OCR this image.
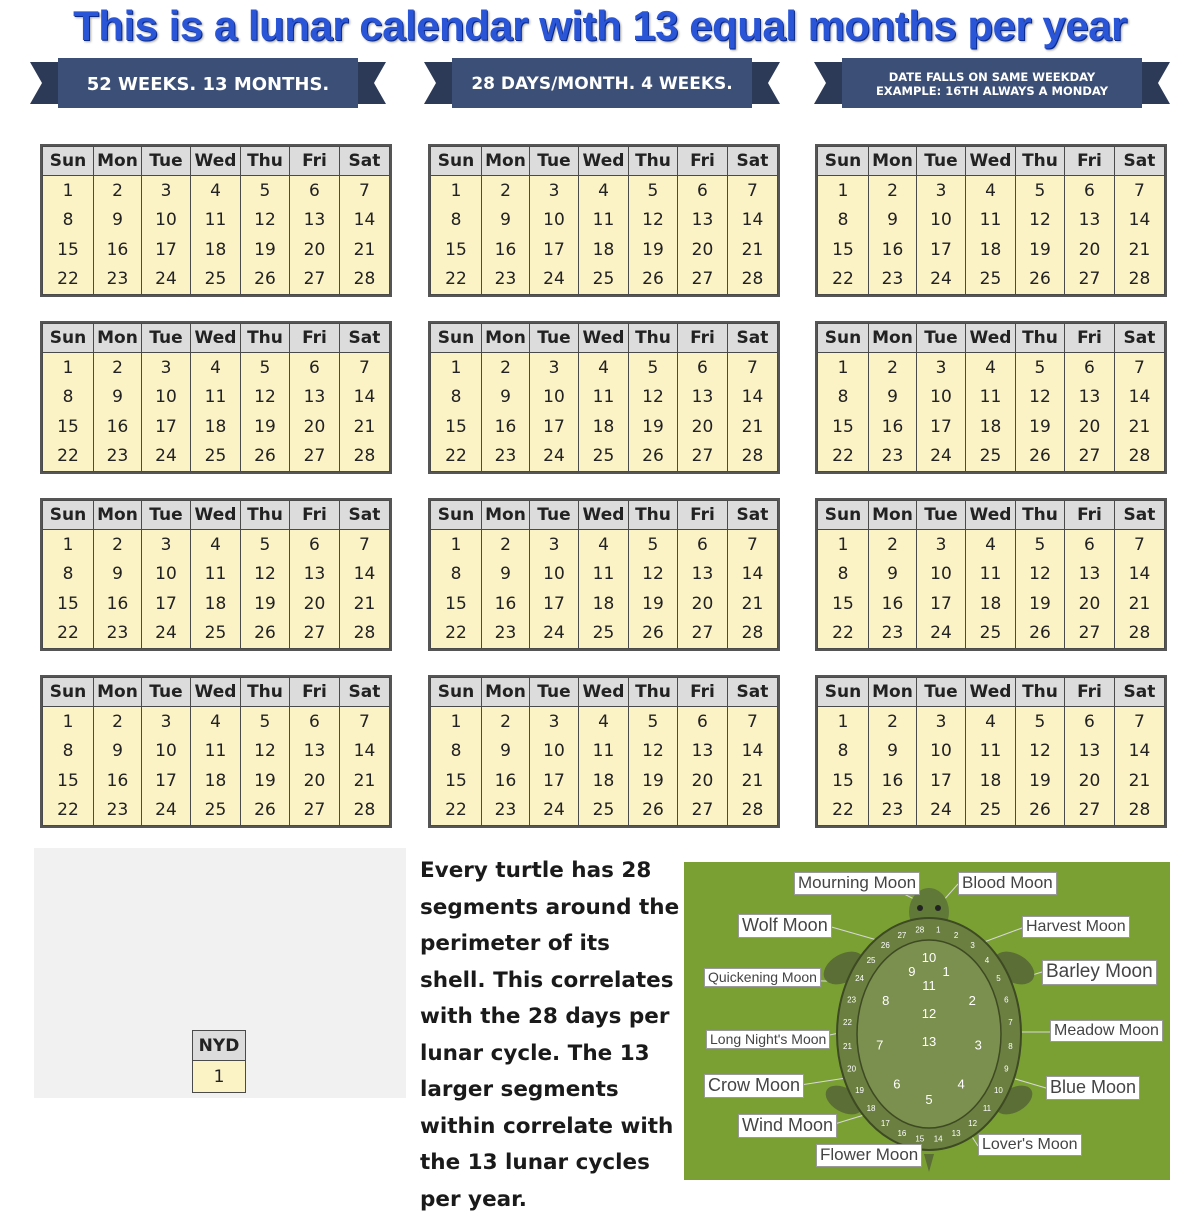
This is a lunar calendar with 13 equal months per year
52 WEEKS. 13 MONTHS.	28 DAYS/MONTH. 4 WEEKS.	DATE FALLS ON SAME WEEKDAY
EXAMPLE: 16TH ALWAYS A MONDAY
Sun	Mon	Tue	Wed	Thu	Fri	Sat
1	2	3	4	5	6	7
8	9	10	11	12	13	14
15	16	17	18	19	20	21
22	23	24	25	26	27	28
Sun	Mon	Tue	Wed	Thu	Fri	Sat
1	2	3	4	5	6	7
8	9	10	11	12	13	14
15	16	17	18	19	20	21
22	23	24	25	26	27	28
Sun	Mon	Tue	Wed	Thu	Fri	Sat
1	2	3	4	5	6	7
8	9	10	11	12	13	14
15	16	17	18	19	20	21
22	23	24	25	26	27	28
Sun	Mon	Tue	Wed	Thu	Fri	Sat
1	2	3	4	5	6	7
8	9	10	11	12	13	14
15	16	17	18	19	20	21
22	23	24	25	26	27	28
Sun	Mon	Tue	Wed	Thu	Fri	Sat
1	2	3	4	5	6	7
8	9	10	11	12	13	14
15	16	17	18	19	20	21
22	23	24	25	26	27	28
Sun	Mon	Tue	Wed	Thu	Fri	Sat
1	2	3	4	5	6	7
8	9	10	11	12	13	14
15	16	17	18	19	20	21
22	23	24	25	26	27	28
Sun	Mon	Tue	Wed	Thu	Fri	Sat
1	2	3	4	5	6	7
8	9	10	11	12	13	14
15	16	17	18	19	20	21
22	23	24	25	26	27	28
Sun	Mon	Tue	Wed	Thu	Fri	Sat
1	2	3	4	5	6	7
8	9	10	11	12	13	14
15	16	17	18	19	20	21
22	23	24	25	26	27	28
Sun	Mon	Tue	Wed	Thu	Fri	Sat
1	2	3	4	5	6	7
8	9	10	11	12	13	14
15	16	17	18	19	20	21
22	23	24	25	26	27	28
Sun	Mon	Tue	Wed	Thu	Fri	Sat
1	2	3	4	5	6	7
8	9	10	11	12	13	14
15	16	17	18	19	20	21
22	23	24	25	26	27	28
Sun	Mon	Tue	Wed	Thu	Fri	Sat
1	2	3	4	5	6	7
8	9	10	11	12	13	14
15	16	17	18	19	20	21
22	23	24	25	26	27	28
Sun	Mon	Tue	Wed	Thu	Fri	Sat
1	2	3	4	5	6	7
8	9	10	11	12	13	14
15	16	17	18	19	20	21
22	23	24	25	26	27	28

NYD
1
Every turtle has 28 segments around the perimeter of its shell. This correlates with the 28 days per lunar cycle. The 13 larger segments within correlate with the 13 lunar cycles per year.
1
2
3
4
5
6
7
8
9
10
11
12
13
14
15
16
17
18
19
20
21
22
23
24
25
26
27
28
1
2
3
4
5
6
7
8
9
10
11
12
13
Mourning Moon	Blood Moon
Wolf Moon	Harvest Moon
Quickening Moon	Barley Moon
Long Night's Moon	Meadow Moon
Crow Moon	Blue Moon
Wind Moon
Lover's Moon
Flower Moon
